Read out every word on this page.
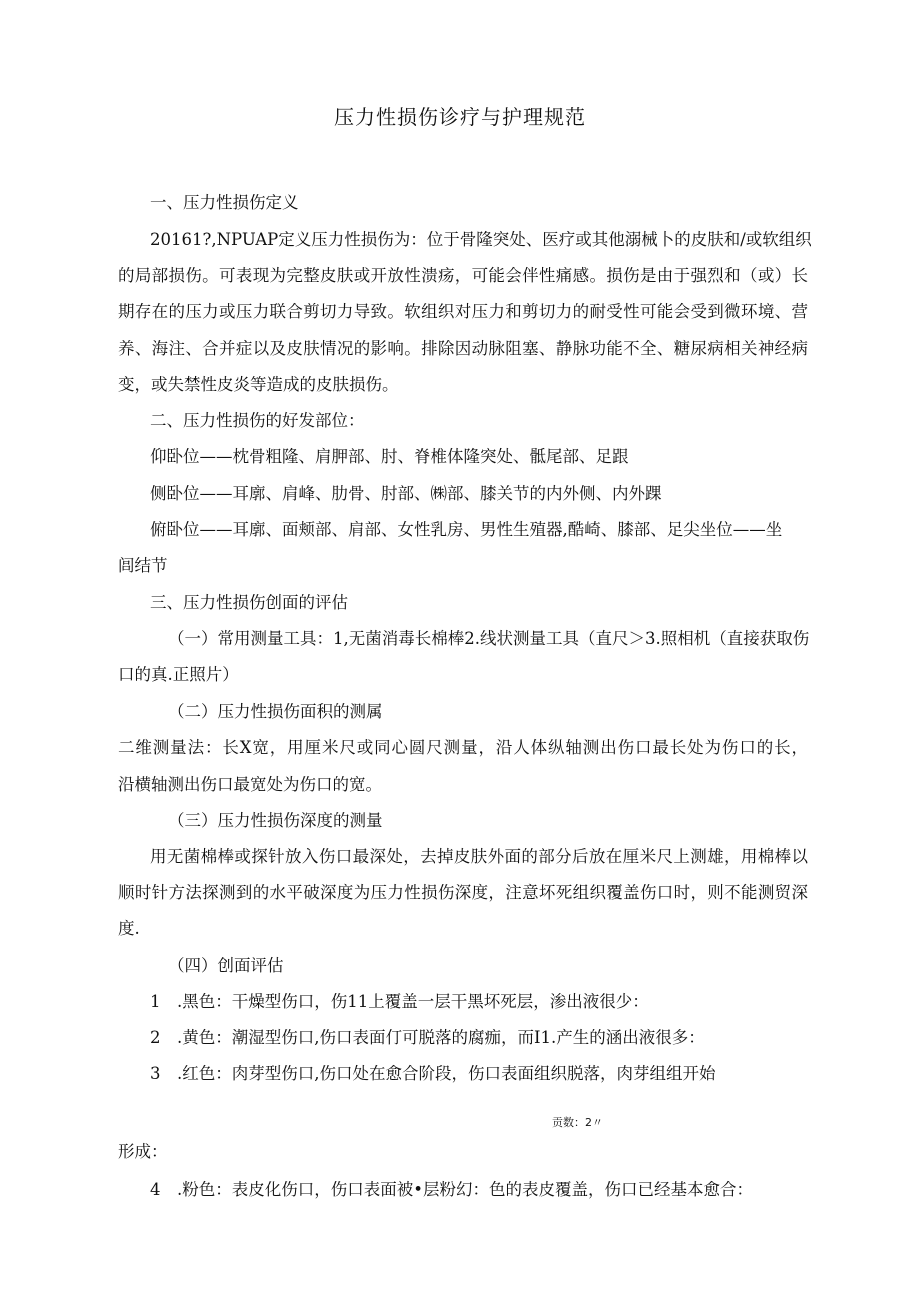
压力性损伤诊疗与护理规范
一、压力性损伤定义
20161?,NPUAP定义压力性损伤为：位于骨隆突处、医疗或其他溺械卜的皮肤和/或软组织
的局部损伤。可表现为完整皮肤或开放性溃疡，可能会伴性痛感。损伤是由于强烈和（或）长
期存在的压力或压力联合剪切力导致。软组织对压力和剪切力的耐受性可能会受到微环境、营
养、海注、合并症以及皮肤情况的影响。排除因动脉阻塞、静脉功能不全、糖尿病相关神经病
变，或失禁性皮炎等造成的皮肤损伤。
二、压力性损伤的好发部位：
仰卧位——枕骨粗隆、肩胛部、肘、脊椎体隆突处、骶尾部、足跟
侧卧位——耳廓、肩峰、肋骨、肘部、㈱部、膝关节的内外侧、内外踝
俯卧位——耳廓、面颊部、肩部、女性乳房、男性生殖器,酷崎、膝部、足尖坐位——坐
闾结节
三、压力性损伤创面的评估
（一）常用测量工具：1,无菌消毒长棉棒2.线状测量工具（直尺＞3.照相机（直接获取伤
口的真.正照片）
（二）压力性损伤面积的测属
二维测量法：长X宽，用厘米尺或同心圆尺测量，沿人体纵轴测出伤口最长处为伤口的长，
沿横轴测出伤口最宽处为伤口的宽。
（三）压力性损伤深度的测量
用无菌棉棒或探针放入伤口最深处，去掉皮肤外面的部分后放在厘米尺上测雄，用棉棒以
顺时针方法探测到的水平破深度为压力性损伤深度，注意坏死组织覆盖伤口时，则不能测贸深
度.
（四）创面评估
1　.黑色：干燥型伤口，伤11上覆盖一层干黑坏死层，渗出液很少：
2　.黄色：潮湿型伤口,伤口表面仃可脱落的腐痂，而I1.产生的涵出液很多：
3　.红色：肉芽型伤口,伤口处在愈合阶段，伤口表面组织脱落，肉芽组组开始
贡数：2〃
形成：
4　.粉色：表皮化伤口，伤口表面被•层粉幻：色的表皮覆盖，伤口已经基本愈合：
